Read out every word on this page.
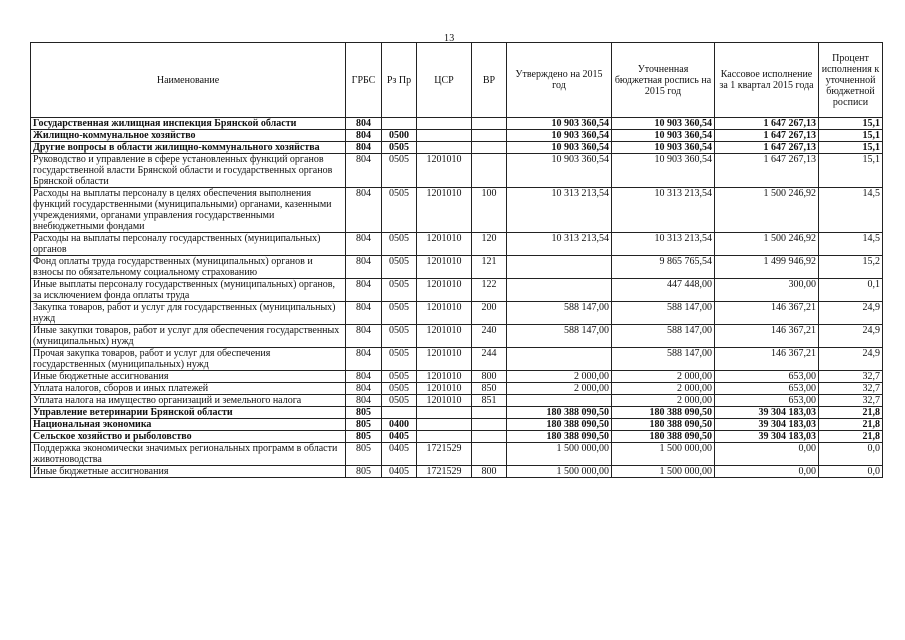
13
Наименование	ГРБС	Рз Пр	ЦСР	ВР	Утверждено на 2015 год	Уточненная бюджетная роспись на 2015 год	Кассовое исполнение за 1 квартал 2015 года	Процент исполнения к уточненной бюджетной росписи
Государственная жилищная инспекция Брянской области	804				10 903 360,54	10 903 360,54	1 647 267,13	15,1
Жилищно-коммунальное хозяйство	804	0500			10 903 360,54	10 903 360,54	1 647 267,13	15,1
Другие вопросы в области жилищно-коммунального хозяйства	804	0505			10 903 360,54	10 903 360,54	1 647 267,13	15,1
Руководство и управление в сфере установленных функций органов государственной власти Брянской области и государственных органов Брянской области	804	0505	1201010		10 903 360,54	10 903 360,54	1 647 267,13	15,1
Расходы на выплаты персоналу в целях обеспечения выполнения функций государственными (муниципальными) органами, казенными учреждениями, органами управления государственными внебюджетными фондами	804	0505	1201010	100	10 313 213,54	10 313 213,54	1 500 246,92	14,5
Расходы на выплаты персоналу государственных (муниципальных) органов	804	0505	1201010	120	10 313 213,54	10 313 213,54	1 500 246,92	14,5
Фонд оплаты труда государственных (муниципальных) органов и взносы по обязательному социальному страхованию	804	0505	1201010	121		9 865 765,54	1 499 946,92	15,2
Иные выплаты персоналу государственных (муниципальных) органов, за исключением фонда оплаты труда	804	0505	1201010	122		447 448,00	300,00	0,1
Закупка товаров, работ и услуг для государственных (муниципальных) нужд	804	0505	1201010	200	588 147,00	588 147,00	146 367,21	24,9
Иные закупки товаров, работ и услуг для обеспечения государственных (муниципальных) нужд	804	0505	1201010	240	588 147,00	588 147,00	146 367,21	24,9
Прочая закупка товаров, работ и услуг для обеспечения государственных (муниципальных) нужд	804	0505	1201010	244		588 147,00	146 367,21	24,9
Иные бюджетные ассигнования	804	0505	1201010	800	2 000,00	2 000,00	653,00	32,7
Уплата налогов, сборов и иных платежей	804	0505	1201010	850	2 000,00	2 000,00	653,00	32,7
Уплата налога на имущество организаций и земельного налога	804	0505	1201010	851		2 000,00	653,00	32,7
Управление ветеринарии Брянской области	805				180 388 090,50	180 388 090,50	39 304 183,03	21,8
Национальная экономика	805	0400			180 388 090,50	180 388 090,50	39 304 183,03	21,8
Сельское хозяйство и рыболовство	805	0405			180 388 090,50	180 388 090,50	39 304 183,03	21,8
Поддержка экономически значимых региональных программ в области животноводства	805	0405	1721529		1 500 000,00	1 500 000,00	0,00	0,0
Иные бюджетные ассигнования	805	0405	1721529	800	1 500 000,00	1 500 000,00	0,00	0,0
